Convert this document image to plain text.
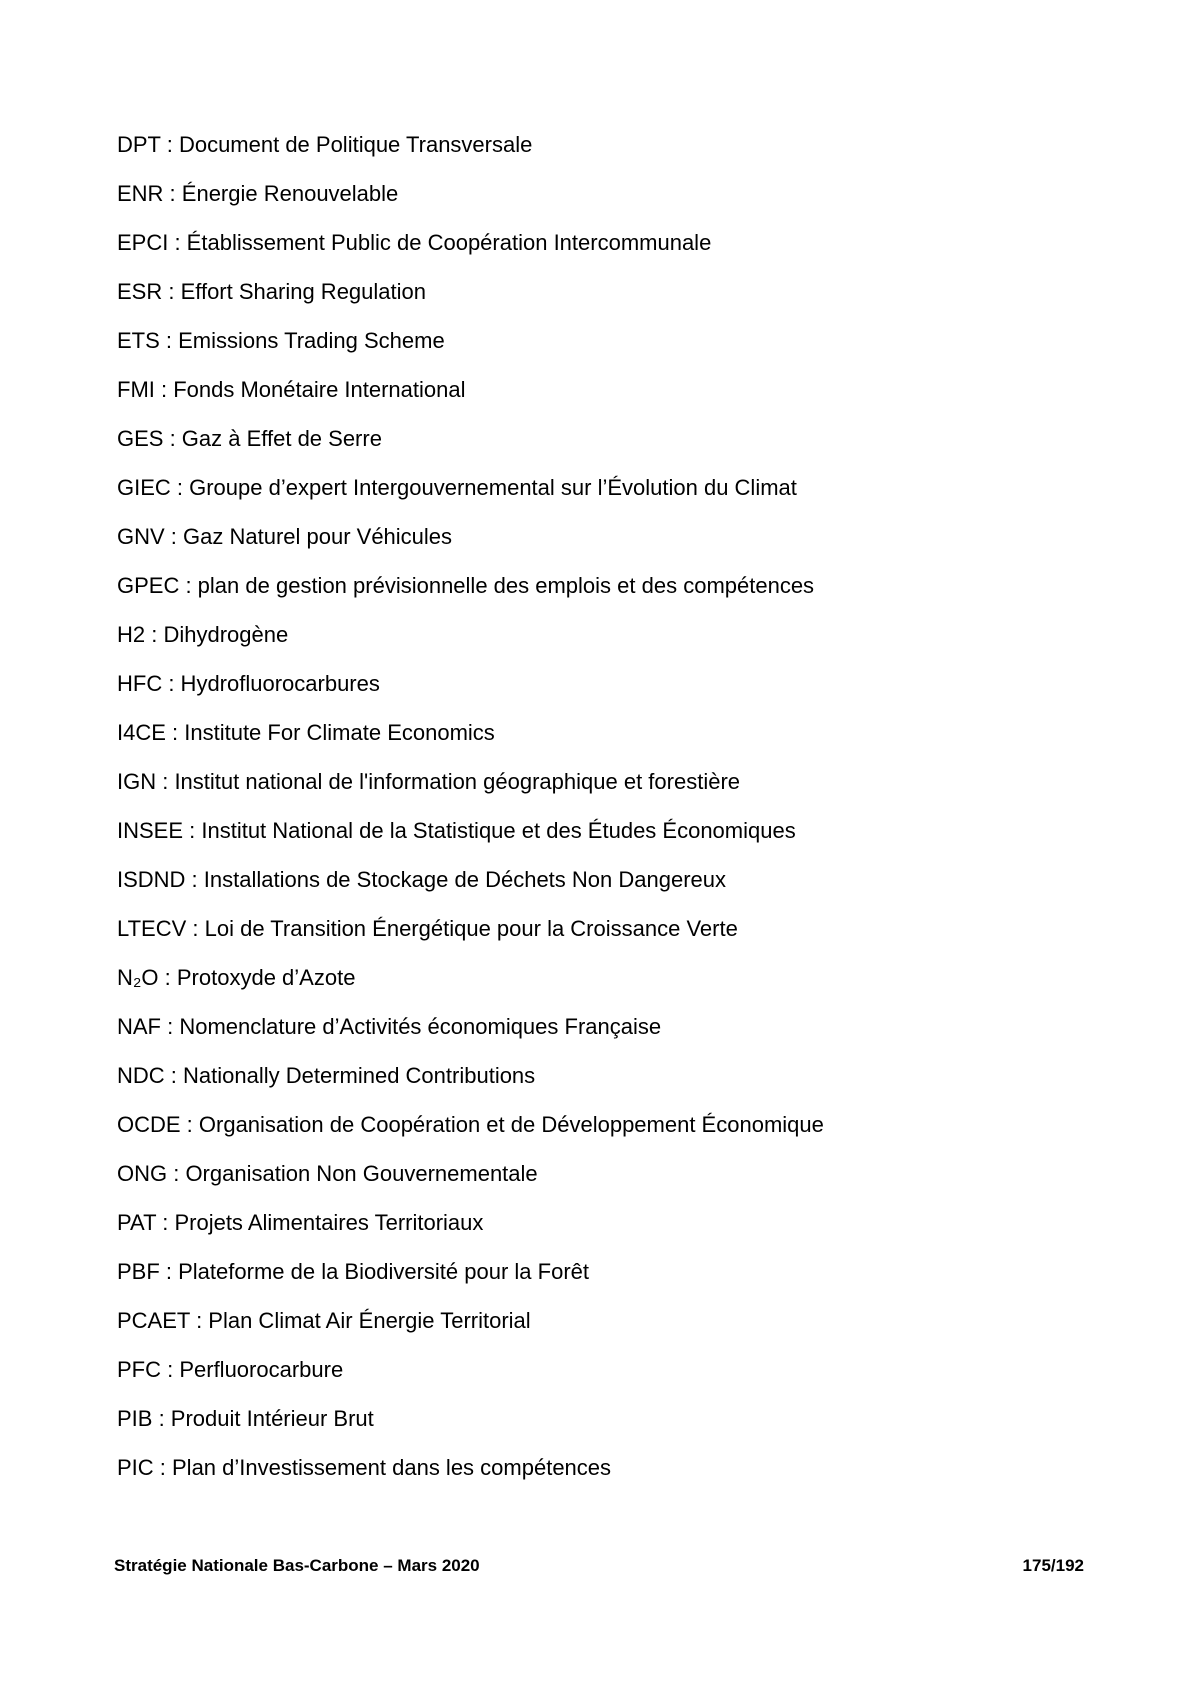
DPT : Document de Politique Transversale
ENR : Énergie Renouvelable
EPCI : Établissement Public de Coopération Intercommunale
ESR : Effort Sharing Regulation
ETS : Emissions Trading Scheme
FMI : Fonds Monétaire International
GES : Gaz à Effet de Serre
GIEC : Groupe d’expert Intergouvernemental sur l’Évolution du Climat
GNV : Gaz Naturel pour Véhicules
GPEC : plan de gestion prévisionnelle des emplois et des compétences
H2 : Dihydrogène
HFC : Hydrofluorocarbures
I4CE : Institute For Climate Economics
IGN : Institut national de l'information géographique et forestière
INSEE : Institut National de la Statistique et des Études Économiques
ISDND : Installations de Stockage de Déchets Non Dangereux
LTECV : Loi de Transition Énergétique pour la Croissance Verte
N₂O : Protoxyde d’Azote
NAF : Nomenclature d’Activités économiques Française
NDC : Nationally Determined Contributions
OCDE : Organisation de Coopération et de Développement Économique
ONG : Organisation Non Gouvernementale
PAT : Projets Alimentaires Territoriaux
PBF : Plateforme de la Biodiversité pour la Forêt
PCAET : Plan Climat Air Énergie Territorial
PFC : Perfluorocarbure
PIB : Produit Intérieur Brut
PIC : Plan d’Investissement dans les compétences
Stratégie Nationale Bas-Carbone – Mars 2020	175/192
